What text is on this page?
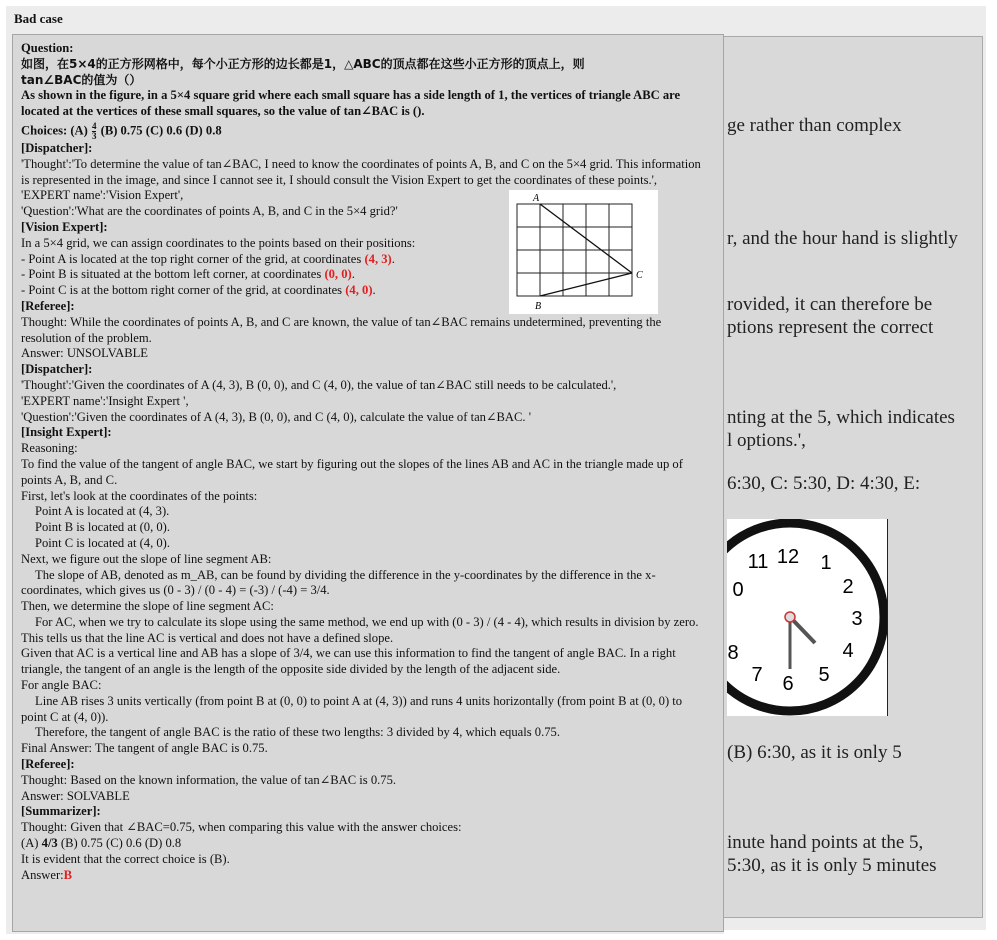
ge rather than complex
r, and the hour hand is slightly
rovided, it can therefore be
ptions represent the correct
nting at the 5, which indicates
l options.',
6:30, C: 5:30, D: 4:30, E:
(B) 6:30, as it is only 5
inute hand points at the 5,
5:30, as it is only 5 minutes
12
11	1
2
3
4
5
6
7
8
0
Bad case

Question:

如图，在5×4的正方形网格中，每个小正方形的边长都是1，△ABC的顶点都在这些小正方形的顶点上，则

tan∠BAC的值为（）

As shown in the figure, in a 5×4 square grid where each small square has a side length of 1, the vertices of triangle ABC are located at the vertices of these small squares, so the value of tan∠BAC is ().

Choices: $(A) \frac{4}{3} (B)$ 0.75 (C) 0.6 (D) 0.8

[Dispatcher]:

'Thought':'To determine the value of tan∠BAC, I need to know the coordinates of points A, B, and C on the 5×4 grid. This information is represented in the image, and since I cannot see it, I should consult the Vision Expert to get the coordinates of these points.',

'EXPERT name':'Vision Expert',

'Question':'What are the coordinates of points A, B, and C in the 5×4 grid?'

[Vision Expert]:

In a 5×4 grid, we can assign coordinates to the points based on their positions:

- Point A is located at the top right corner of the grid, at coordinates (4, 3).

- Point B is situated at the bottom left corner, at coordinates (0, 0).

- Point C is at the bottom right corner of the grid, at coordinates (4, 0).

[Referee]:

Thought: While the coordinates of points A, B, and C are known, the value of tan∠BAC remains undetermined, preventing the resolution of the problem.

Answer: UNSOLVABLE

[Dispatcher]:

'Thought':'Given the coordinates of A (4, 3), B (0, 0), and C (4, 0), the value of tan∠BAC still needs to be calculated.',

'EXPERT name':'Insight Expert ',

'Question':'Given the coordinates of A (4, 3), B (0, 0), and C (4, 0), calculate the value of tan∠BAC. '

[Insight Expert]:

Reasoning:

To find the value of the tangent of angle BAC, we start by figuring out the slopes of the lines AB and AC in the triangle made up of points A, B, and C.

First, let's look at the coordinates of the points:

Point A is located at (4, 3).

Point B is located at (0, 0).

Point C is located at (4, 0).

Next, we figure out the slope of line segment AB:

The slope of AB, denoted as m_AB, can be found by dividing the difference in the y-coordinates by the difference in the x-coordinates, which gives us (0 - 3) / (0 - 4) = (-3) / (-4) = 3/4.

Then, we determine the slope of line segment AC:

For AC, when we try to calculate its slope using the same method, we end up with (0 - 3) / (4 - 4), which results in division by zero. This tells us that the line AC is vertical and does not have a defined slope.

Given that AC is a vertical line and AB has a slope of 3/4, we can use this information to find the tangent of angle BAC. In a right triangle, the tangent of an angle is the length of the opposite side divided by the length of the adjacent side.

For angle BAC:

Line AB rises 3 units vertically (from point B at (0, 0) to point A at (4, 3)) and runs 4 units horizontally (from point B at (0, 0) to point C at (4, 0)).

Therefore, the tangent of angle BAC is the ratio of these two lengths: 3 divided by 4, which equals 0.75.

Final Answer: The tangent of angle BAC is 0.75.

[Referee]:

Thought: Based on the known information, the value of tan∠BAC is 0.75.

Answer: SOLVABLE

[Summarizer]:

Thought: Given that ∠BAC=0.75, when comparing this value with the answer choices:

(A) 4/3 (B) 0.75 (C) 0.6 (D) 0.8

It is evident that the correct choice is (B).

Answer:B

A
B
C
